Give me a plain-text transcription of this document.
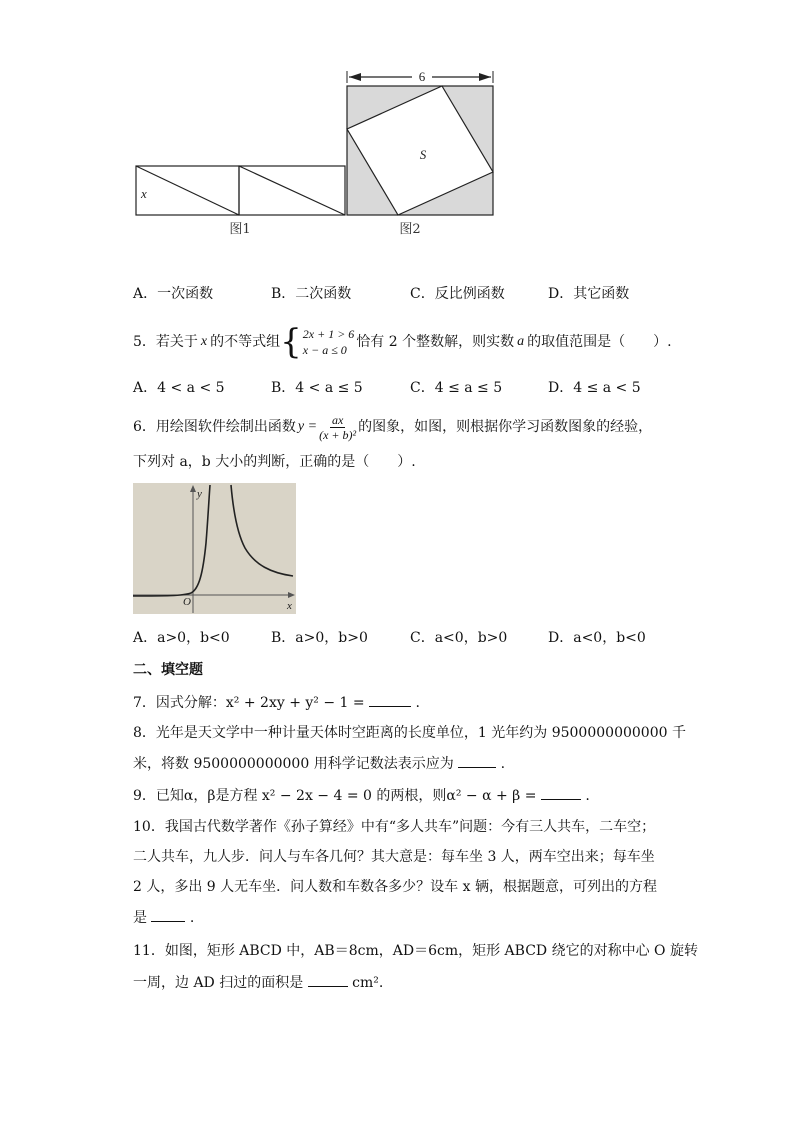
x
6
S
图1	图2
A．一次函数	B．二次函数	C．反比例函数	D．其它函数
5．若关于 x 的不等式组 { 2x + 1 > 6
x − a ≤ 0 恰有 2 个整数解，则实数 a 的取值范围是（　　）.
A．4 < a < 5	B．4 < a ≤ 5	C．4 ≤ a ≤ 5	D．4 ≤ a < 5
6．用绘图软件绘制出函数 $y = \frac{ax}{\text{(x + b)²}}$ 的图象，如图，则根据你学习函数图象的经验，
下列对 a，b 大小的判断，正确的是（　　）.
y
x
O
A．a>0，b<0	B．a>0，b>0	C．a<0，b>0	D．a<0，b<0
二、填空题
7．因式分解：x² + 2xy + y² − 1 =	.
8．光年是天文学中一种计量天体时空距离的长度单位，1 光年约为 9500000000000 千
米，将数 9500000000000 用科学记数法表示应为	.
9．已知α，β是方程 x² − 2x − 4 = 0 的两根，则α² − α + β =	.
10．我国古代数学著作《孙子算经》中有“多人共车”问题：今有三人共车，二车空；
二人共车，九人步．问人与车各几何？其大意是：每车坐 3 人，两车空出来；每车坐
2 人，多出 9 人无车坐．问人数和车数各多少？设车 x 辆，根据题意，可列出的方程
是	.
11．如图，矩形 ABCD 中，AB＝8cm，AD＝6cm，矩形 ABCD 绕它的对称中心 O 旋转
一周，边 AD 扫过的面积是	cm².
